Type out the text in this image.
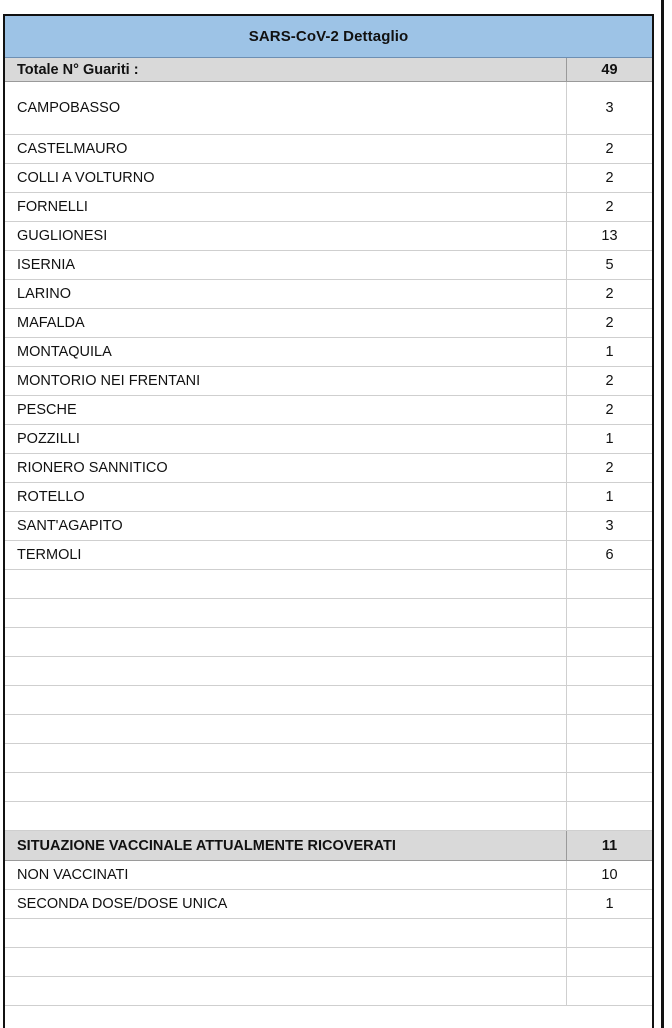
SARS-CoV-2 Dettaglio
Totale N° Guariti :	49
CAMPOBASSO	3
CASTELMAURO	2
COLLI A VOLTURNO	2
FORNELLI	2
GUGLIONESI	13
ISERNIA	5
LARINO	2
MAFALDA	2
MONTAQUILA	1
MONTORIO NEI FRENTANI	2
PESCHE	2
POZZILLI	1
RIONERO SANNITICO	2
ROTELLO	1
SANT'AGAPITO	3
TERMOLI	6
SITUAZIONE VACCINALE ATTUALMENTE RICOVERATI	11
NON VACCINATI	10
SECONDA DOSE/DOSE UNICA	1
